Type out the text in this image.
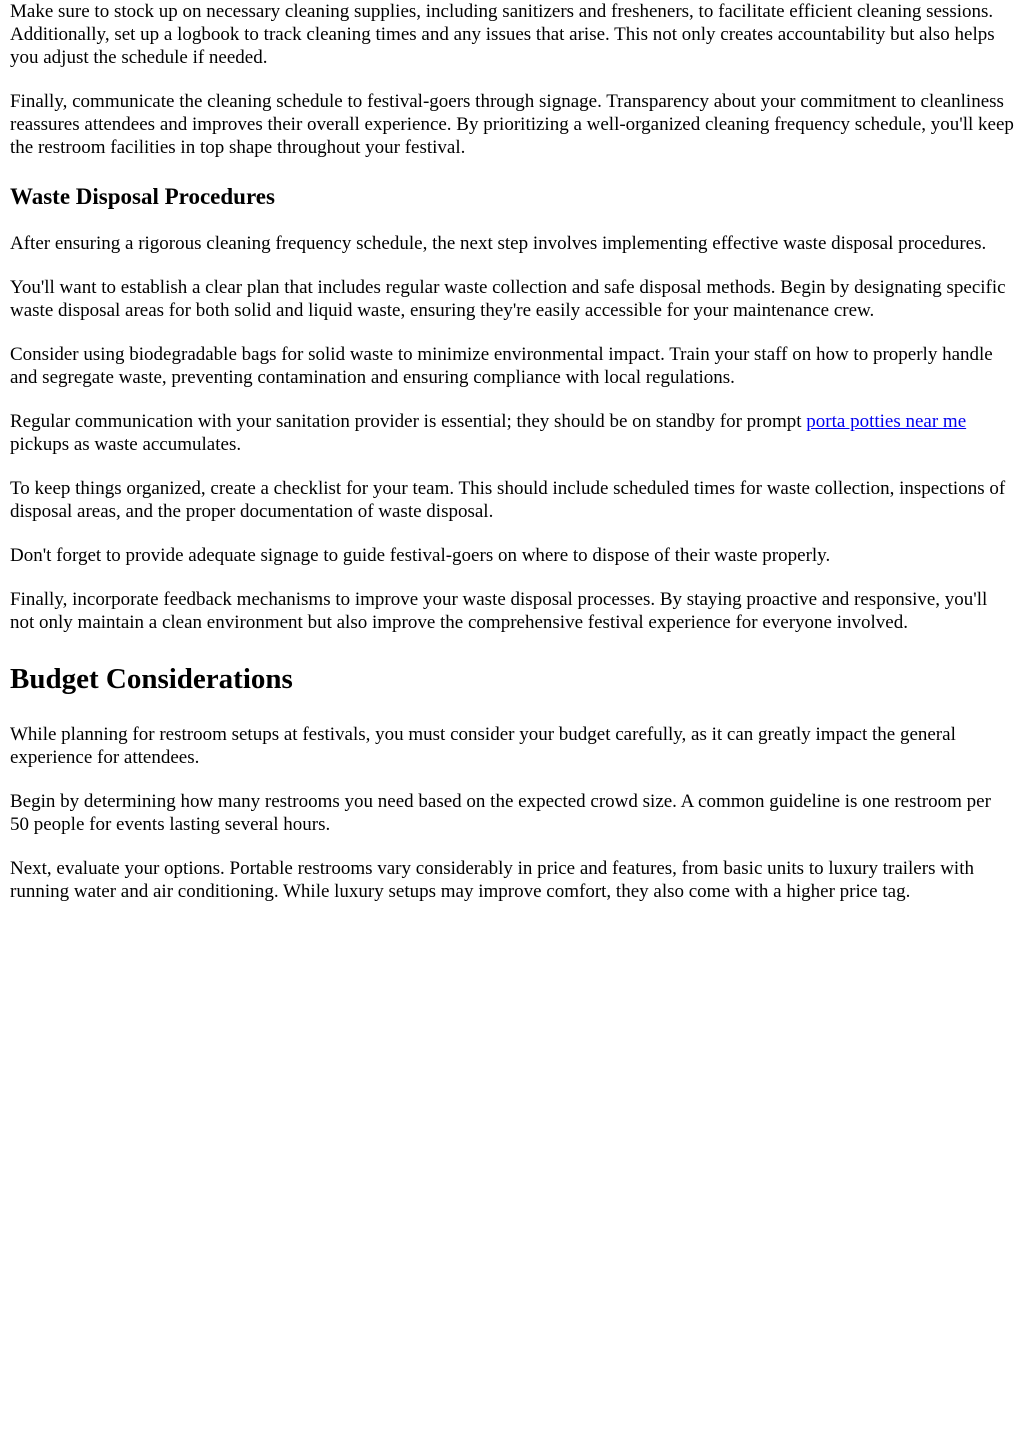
Make sure to stock up on necessary cleaning supplies, including sanitizers and fresheners, to facilitate efficient cleaning sessions. Additionally, set up a logbook to track cleaning times and any issues that arise. This not only creates accountability but also helps you adjust the schedule if needed.

Finally, communicate the cleaning schedule to festival-goers through signage. Transparency about your commitment to cleanliness reassures attendees and improves their overall experience. By prioritizing a well-organized cleaning frequency schedule, you'll keep the restroom facilities in top shape throughout your festival.

Waste Disposal Procedures

After ensuring a rigorous cleaning frequency schedule, the next step involves implementing effective waste disposal procedures.

You'll want to establish a clear plan that includes regular waste collection and safe disposal methods. Begin by designating specific waste disposal areas for both solid and liquid waste, ensuring they're easily accessible for your maintenance crew.

Consider using biodegradable bags for solid waste to minimize environmental impact. Train your staff on how to properly handle and segregate waste, preventing contamination and ensuring compliance with local regulations.

Regular communication with your sanitation provider is essential; they should be on standby for prompt porta potties near me pickups as waste accumulates.

To keep things organized, create a checklist for your team. This should include scheduled times for waste collection, inspections of disposal areas, and the proper documentation of waste disposal.

Don't forget to provide adequate signage to guide festival-goers on where to dispose of their waste properly.

Finally, incorporate feedback mechanisms to improve your waste disposal processes. By staying proactive and responsive, you'll not only maintain a clean environment but also improve the comprehensive festival experience for everyone involved.

Budget Considerations

While planning for restroom setups at festivals, you must consider your budget carefully, as it can greatly impact the general experience for attendees.

Begin by determining how many restrooms you need based on the expected crowd size. A common guideline is one restroom per 50 people for events lasting several hours.

Next, evaluate your options. Portable restrooms vary considerably in price and features, from basic units to luxury trailers with running water and air conditioning. While luxury setups may improve comfort, they also come with a higher price tag.
